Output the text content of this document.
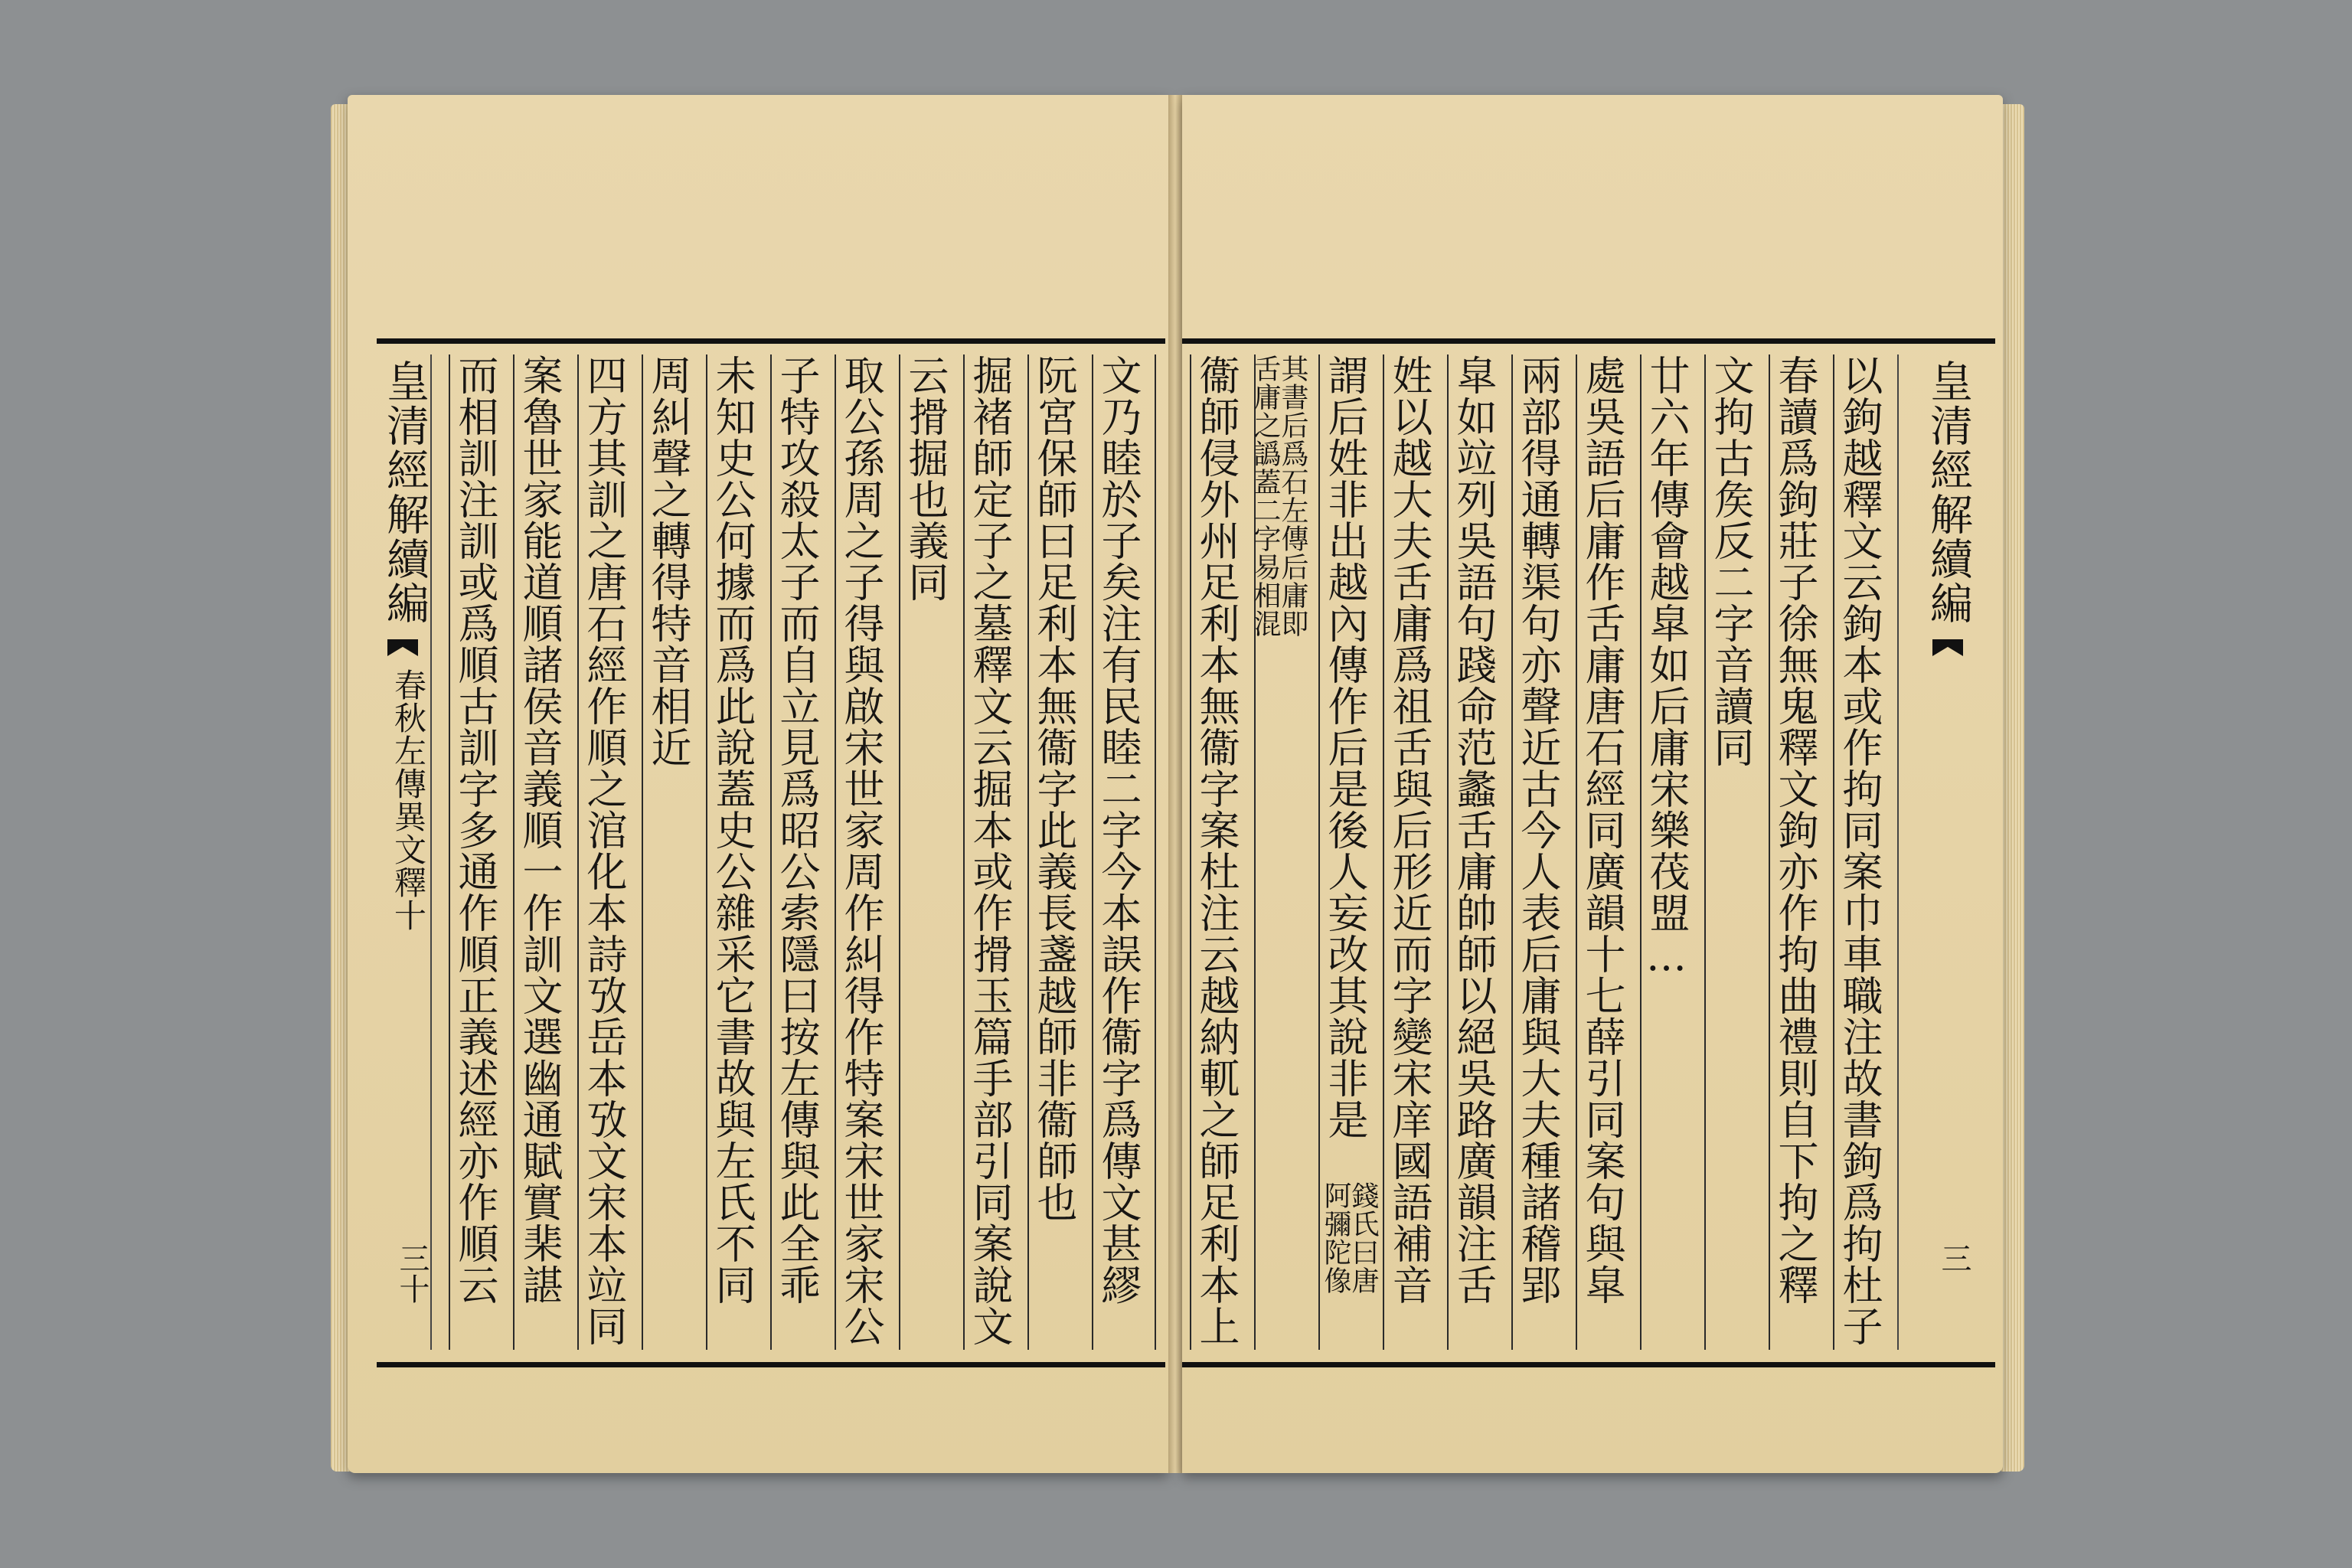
皇清經解續編
春秋左傳異文釋十
三十 而相訓注訓或爲順古訓字多通作順正義述經亦作順云 案魯世家能道順諸侯音義順一作訓文選幽通賦實棐諶 四方其訓之唐石經作順之涫化本詩攷岳本攷文宋本竝同 周糾聲之轉得特音相近 未知史公何據而爲此說蓋史公雜采它書故與左氏不同 子特攻殺太子而自立見爲昭公索隱曰按左傳與此全乖 取公孫周之子得與啟宋世家周作糾得作特案宋世家宋公 云搰掘也義同 掘褚師定子之墓釋文云掘本或作搰玉篇手部引同案說文 阮宮保師曰足利本無衞字此義長盞越師非衞師也 文乃睦於子矣注有民睦二字今本誤作衞字爲傳文甚繆 衞師侵外州足利本無衞字案杜注云越納軏之師足利本上 其書后爲石左傳后庸即
舌庸之譌蓋二字易相混 謂后姓非出越內傳作后是後人妄改其說非是
錢氏曰唐
阿彌陀像 姓以越大夫舌庸爲祖舌與后形近而字變宋庠國語補音 皐如竝列吳語句踐命范蠡舌庸帥師以絕吳路廣韻注舌 兩部得通轉渠句亦聲近古今人表后庸與大夫種諸稽郢 處吳語后庸作舌庸唐石經同廣韻十七薛引同案句與皐 廿六年傳會越皐如后庸宋樂茷盟… 文拘古矦反二字音讀同 春讀爲鉤莊子徐無鬼釋文鉤亦作拘曲禮則自下拘之釋 以鉤越釋文云鉤本或作拘同案巾車職注故書鉤爲拘杜子 皇清經解續編
三
